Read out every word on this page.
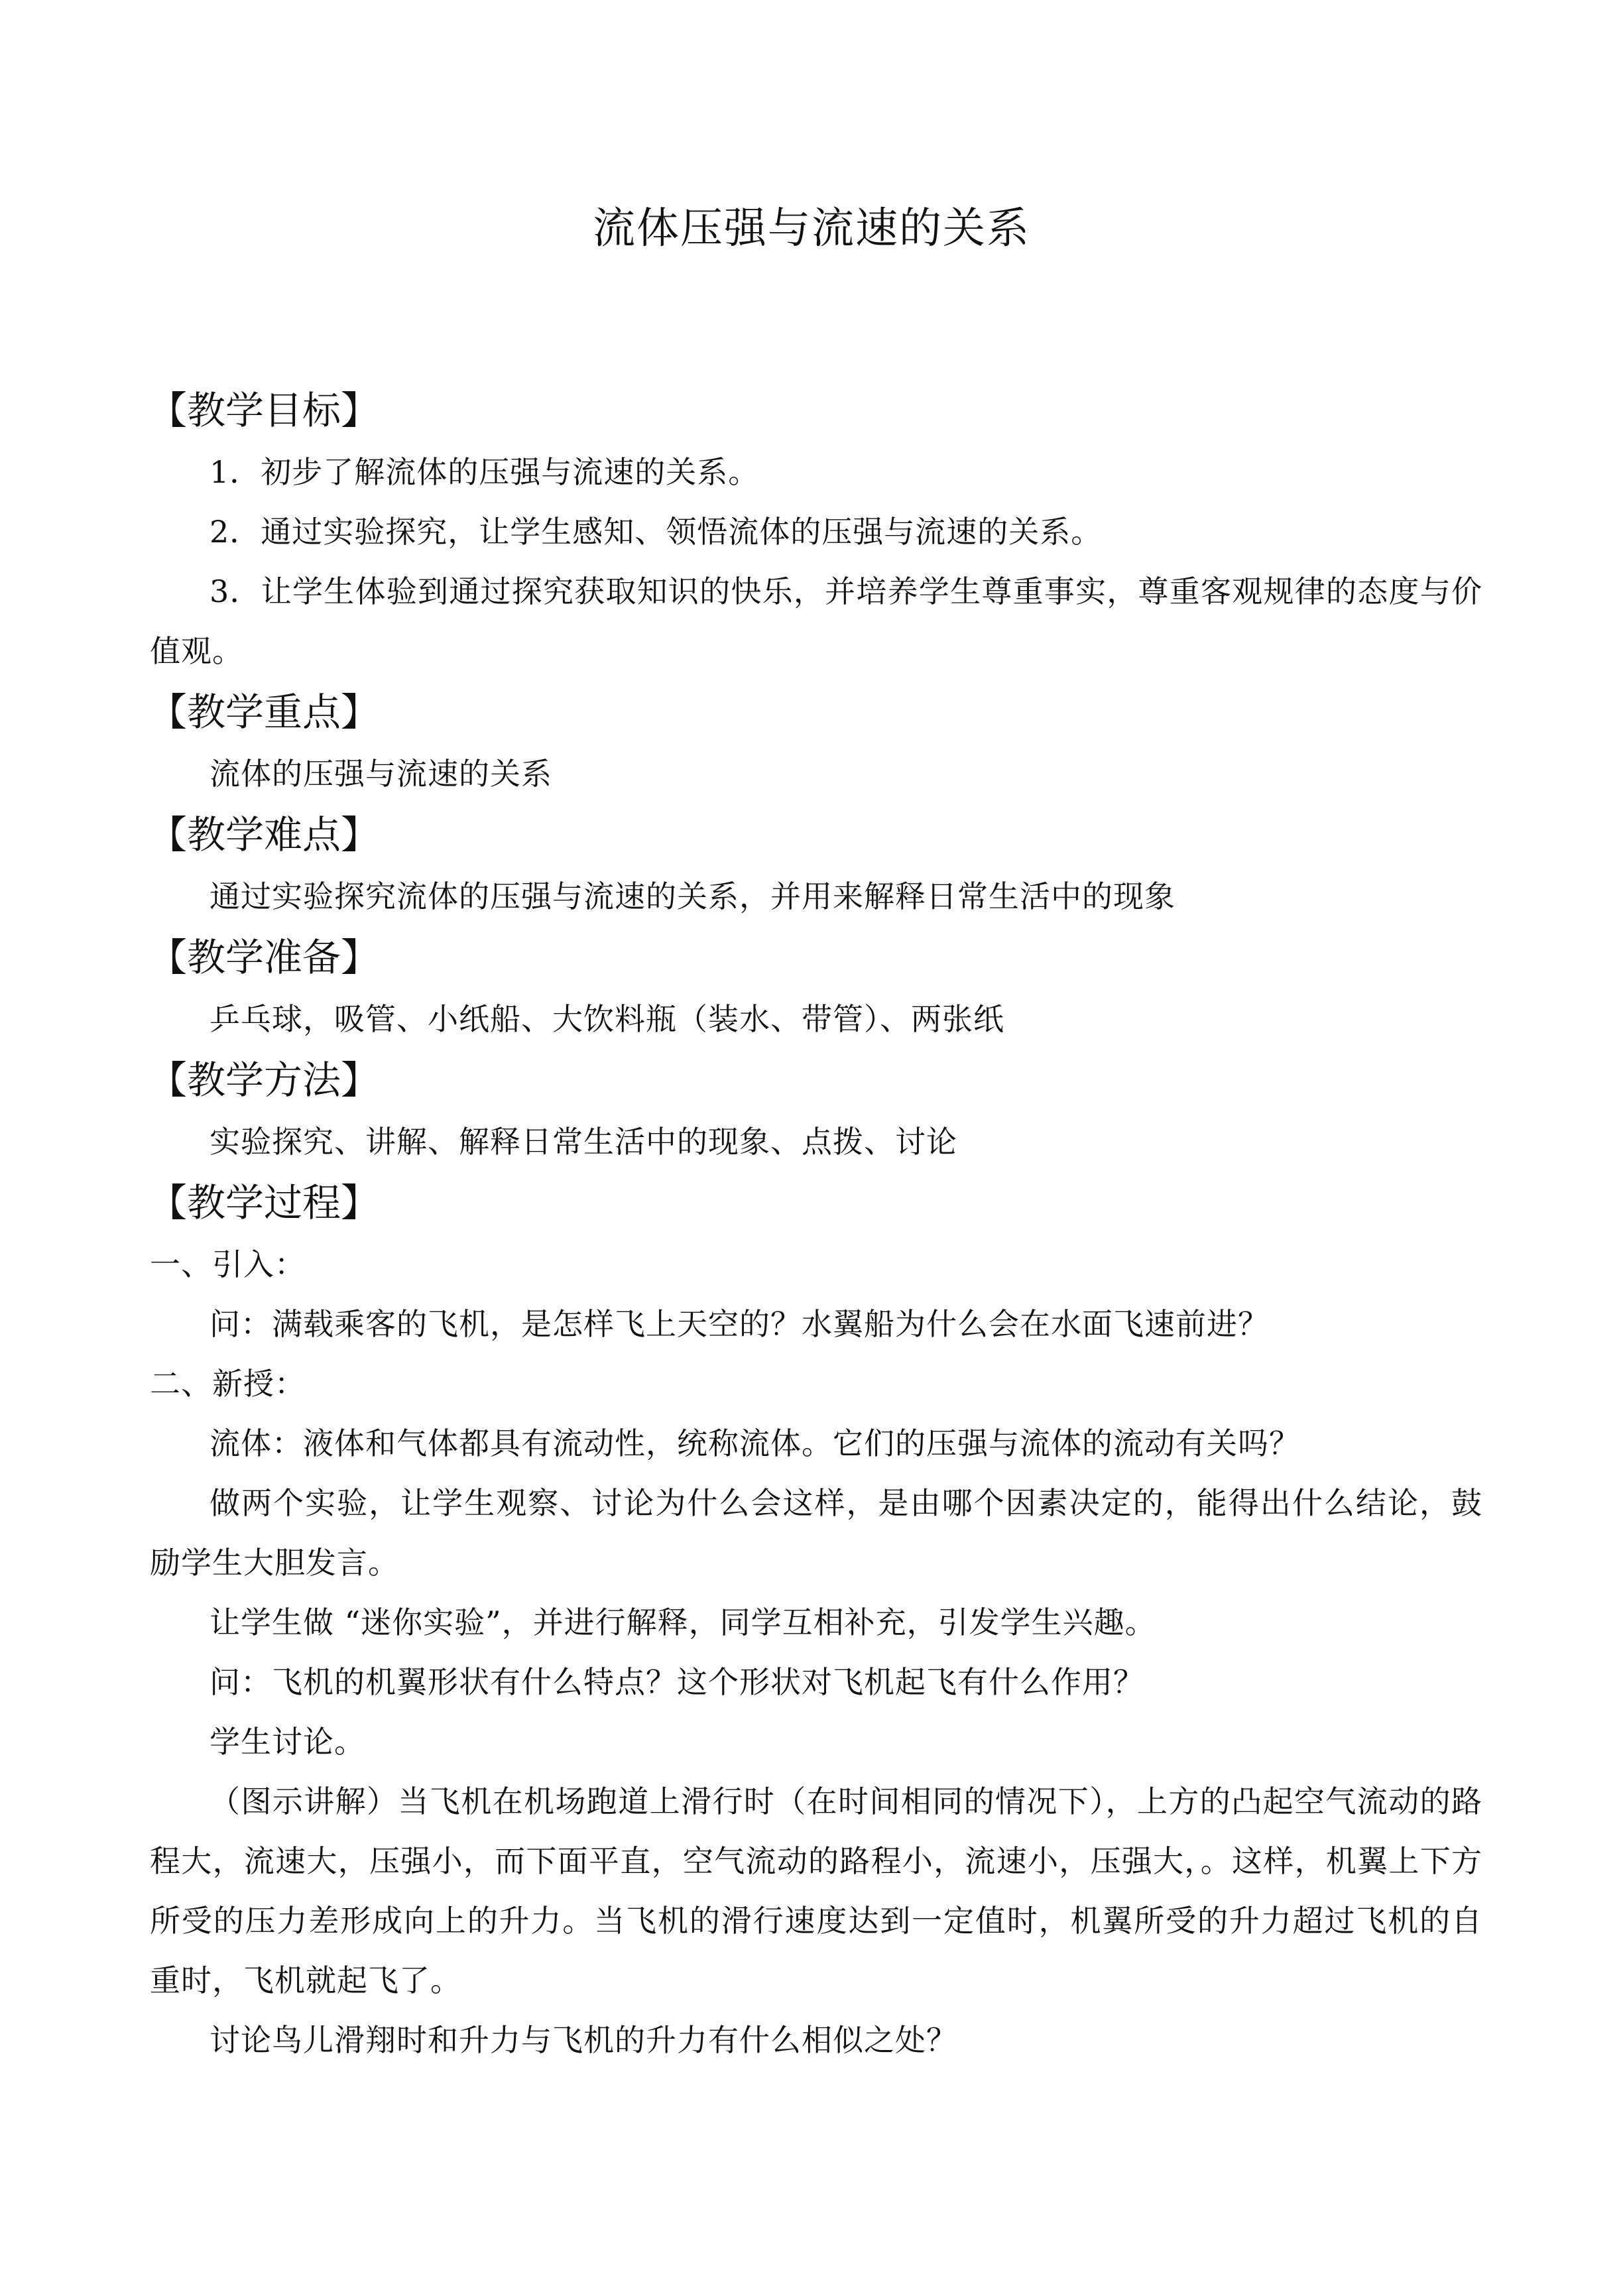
流体压强与流速的关系
【教学目标】
1．初步了解流体的压强与流速的关系。
2．通过实验探究，让学生感知、领悟流体的压强与流速的关系。
3．让学生体验到通过探究获取知识的快乐，并培养学生尊重事实，尊重客观规律的态度与价值观。
【教学重点】
流体的压强与流速的关系
【教学难点】
通过实验探究流体的压强与流速的关系，并用来解释日常生活中的现象
【教学准备】
乒乓球，吸管、小纸船、大饮料瓶（装水、带管）、两张纸
【教学方法】
实验探究、讲解、解释日常生活中的现象、点拨、讨论
【教学过程】
一、引入：
问：满载乘客的飞机，是怎样飞上天空的？水翼船为什么会在水面飞速前进？
二、新授：
流体：液体和气体都具有流动性，统称流体。它们的压强与流体的流动有关吗？
做两个实验，让学生观察、讨论为什么会这样，是由哪个因素决定的，能得出什么结论，鼓励学生大胆发言。
让学生做 “迷你实验”，并进行解释，同学互相补充，引发学生兴趣。
问：飞机的机翼形状有什么特点？这个形状对飞机起飞有什么作用？
学生讨论。
（图示讲解）当飞机在机场跑道上滑行时（在时间相同的情况下），上方的凸起空气流动的路程大，流速大，压强小，而下面平直，空气流动的路程小，流速小，压强大，。这样，机翼上下方所受的压力差形成向上的升力。当飞机的滑行速度达到一定值时，机翼所受的升力超过飞机的自重时，飞机就起飞了。
讨论鸟儿滑翔时和升力与飞机的升力有什么相似之处？
